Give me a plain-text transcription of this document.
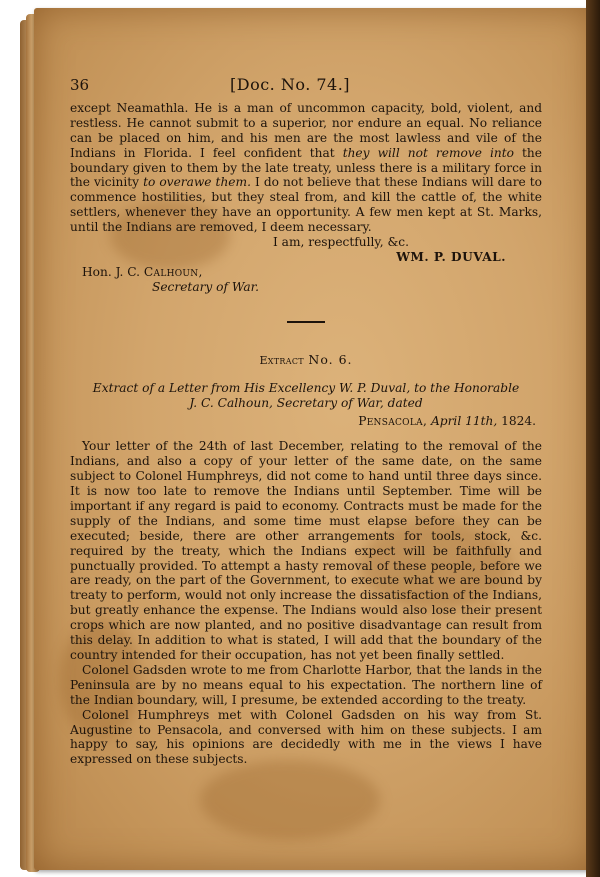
36	[Doc. No. 74.]

except Neamathla. He is a man of uncommon capacity, bold, violent, and restless. He cannot submit to a superior, nor endure an equal. No reliance can be placed on him, and his men are the most lawless and vile of the Indians in Florida. I feel confident that they will not remove into the boundary given to them by the late treaty, unless there is a military force in the vicinity to overawe them. I do not believe that these Indians will dare to commence hostilities, but they steal from, and kill the cattle of, the white settlers, whenever they have an opportunity. A few men kept at St. Marks, until the Indians are removed, I deem necessary.

I am, respectfully, &c.

WM. P. DUVAL.

Hon. J. C. Calhoun,

Secretary of War.

Extract No. 6.

Extract of a Letter from His Excellency W. P. Duval, to the Honorable

J. C. Calhoun, Secretary of War, dated

Pensacola, April 11th, 1824.

Your letter of the 24th of last December, relating to the removal of the Indians, and also a copy of your letter of the same date, on the same subject to Colonel Humphreys, did not come to hand until three days since. It is now too late to remove the Indians until September. Time will be important if any regard is paid to economy. Contracts must be made for the supply of the Indians, and some time must elapse before they can be executed; beside, there are other arrangements for tools, stock, &c. required by the treaty, which the Indians expect will be faithfully and punctually provided. To attempt a hasty removal of these people, before we are ready, on the part of the Government, to execute what we are bound by treaty to perform, would not only increase the dissatisfaction of the Indians, but greatly enhance the expense. The Indians would also lose their present crops which are now planted, and no positive disadvantage can result from this delay. In addition to what is stated, I will add that the boundary of the country intended for their occupation, has not yet been finally settled.

Colonel Gadsden wrote to me from Charlotte Harbor, that the lands in the Peninsula are by no means equal to his expectation. The northern line of the Indian boundary, will, I presume, be extended according to the treaty.

Colonel Humphreys met with Colonel Gadsden on his way from St. Augustine to Pensacola, and conversed with him on these subjects. I am happy to say, his opinions are decidedly with me in the views I have expressed on these subjects.
